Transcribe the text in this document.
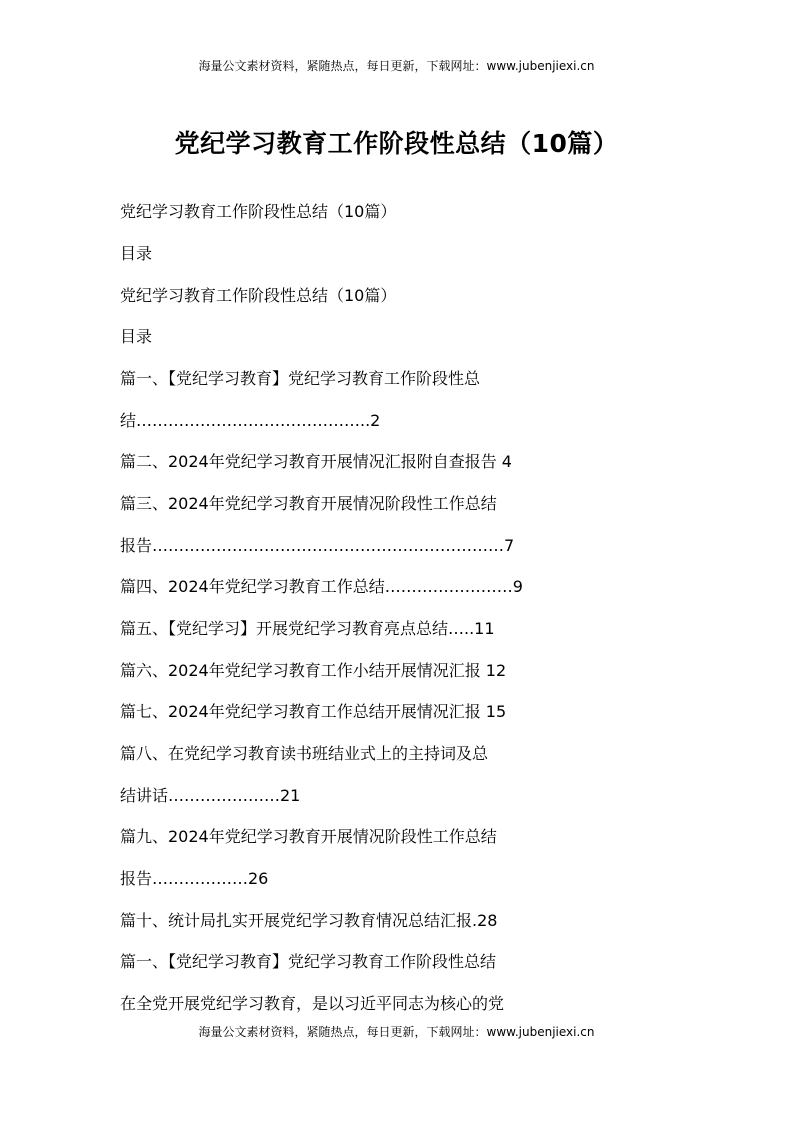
海量公文素材资料，紧随热点，每日更新，下载网址：www.jubenjiexi.cn
党纪学习教育工作阶段性总结（10篇）
党纪学习教育工作阶段性总结（10篇）
目录
党纪学习教育工作阶段性总结（10篇）
目录
篇一、【党纪学习教育】党纪学习教育工作阶段性总
结……………………………………..2
篇二、2024年党纪学习教育开展情况汇报附自查报告 4
篇三、2024年党纪学习教育开展情况阶段性工作总结
报告…………………………………………………………7
篇四、2024年党纪学习教育工作总结……………………9
篇五、【党纪学习】开展党纪学习教育亮点总结…..11
篇六、2024年党纪学习教育工作小结开展情况汇报 12
篇七、2024年党纪学习教育工作总结开展情况汇报 15
篇八、在党纪学习教育读书班结业式上的主持词及总
结讲话…………………21
篇九、2024年党纪学习教育开展情况阶段性工作总结
报告………………26
篇十、统计局扎实开展党纪学习教育情况总结汇报.28
篇一、【党纪学习教育】党纪学习教育工作阶段性总结
在全党开展党纪学习教育，是以习近平同志为核心的党
海量公文素材资料，紧随热点，每日更新，下载网址：www.jubenjiexi.cn
